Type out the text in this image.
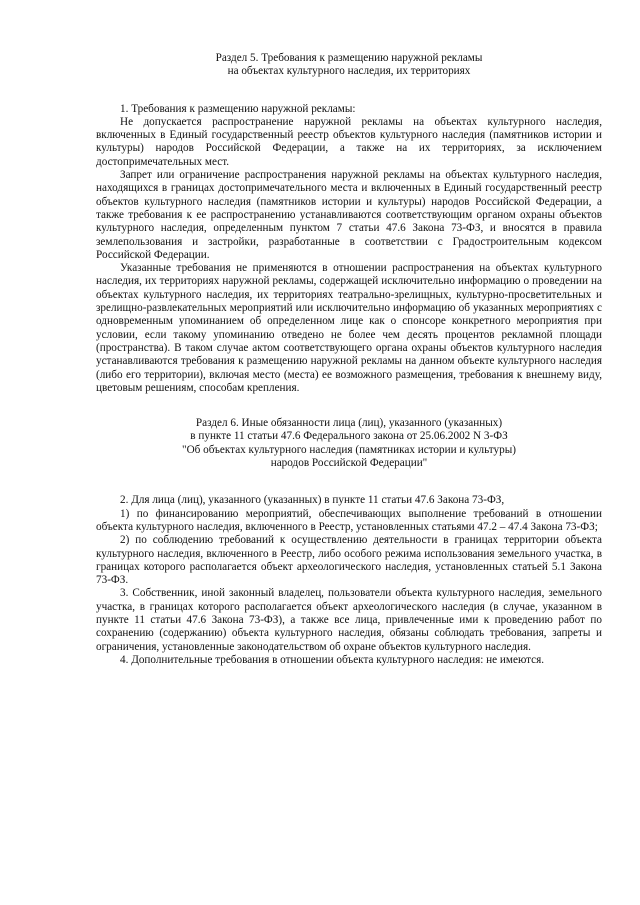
Раздел 5. Требования к размещению наружной рекламы

на объектах культурного наследия, их территориях

1. Требования к размещению наружной рекламы:

Не допускается распространение наружной рекламы на объектах культурного наследия, включенных в Единый государственный реестр объектов культурного наследия (памятников истории и культуры) народов Российской Федерации, а также на их территориях, за исключением достопримечательных мест.

Запрет или ограничение распространения наружной рекламы на объектах культурного наследия, находящихся в границах достопримечательного места и включенных в Единый государственный реестр объектов культурного наследия (памятников истории и культуры) народов Российской Федерации, а также требования к ее распространению устанавливаются соответствующим органом охраны объектов культурного наследия, определенным пунктом 7 статьи 47.6 Закона 73-ФЗ, и вносятся в правила землепользования и застройки, разработанные в соответствии с Градостроительным кодексом Российской Федерации.

Указанные требования не применяются в отношении распространения на объектах культурного наследия, их территориях наружной рекламы, содержащей исключительно информацию о проведении на объектах культурного наследия, их территориях театрально-зрелищных, культурно-просветительных и зрелищно-развлекательных мероприятий или исключительно информацию об указанных мероприятиях с одновременным упоминанием об определенном лице как о спонсоре конкретного мероприятия при условии, если такому упоминанию отведено не более чем десять процентов рекламной площади (пространства). В таком случае актом соответствующего органа охраны объектов культурного наследия устанавливаются требования к размещению наружной рекламы на данном объекте культурного наследия (либо его территории), включая место (места) ее возможного размещения, требования к внешнему виду, цветовым решениям, способам крепления.

Раздел 6. Иные обязанности лица (лиц), указанного (указанных)

в пункте 11 статьи 47.6 Федерального закона от 25.06.2002 N 3-ФЗ

"Об объектах культурного наследия (памятниках истории и культуры)

народов Российской Федерации"

2. Для лица (лиц), указанного (указанных) в пункте 11 статьи 47.6 Закона 73-ФЗ,

1) по финансированию мероприятий, обеспечивающих выполнение требований в отношении объекта культурного наследия, включенного в Реестр, установленных статьями 47.2 – 47.4 Закона 73-ФЗ;

2) по соблюдению требований к осуществлению деятельности в границах территории объекта культурного наследия, включенного в Реестр, либо особого режима использования земельного участка, в границах которого располагается объект археологического наследия, установленных статьей 5.1 Закона 73-ФЗ.

3. Собственник, иной законный владелец, пользователи объекта культурного наследия, земельного участка, в границах которого располагается объект археологического наследия (в случае, указанном в пункте 11 статьи 47.6 Закона 73-ФЗ), а также все лица, привлеченные ими к проведению работ по сохранению (содержанию) объекта культурного наследия, обязаны соблюдать требования, запреты и ограничения, установленные законодательством об охране объектов культурного наследия.

4. Дополнительные требования в отношении объекта культурного наследия: не имеются.
